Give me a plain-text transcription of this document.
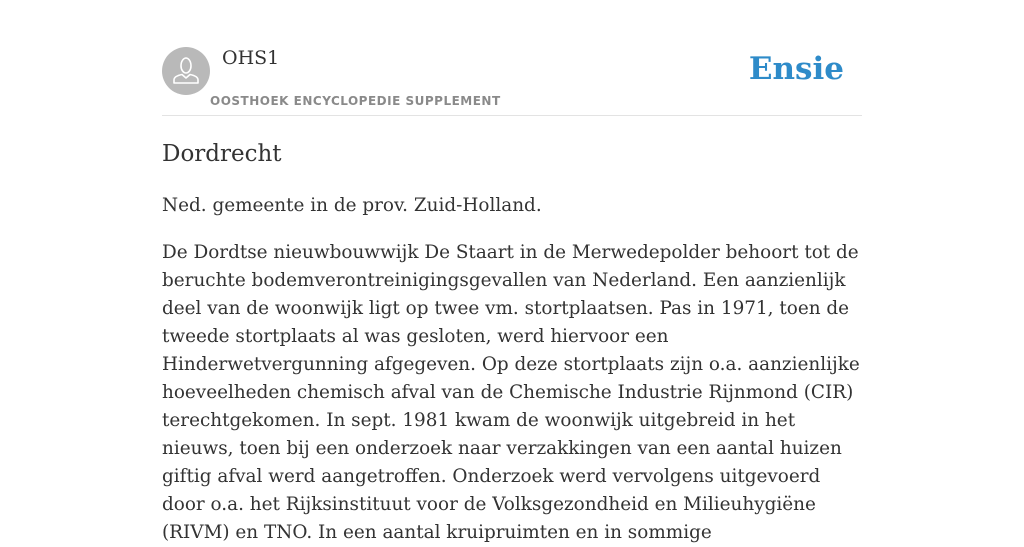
OHS1
OOSTHOEK ENCYCLOPEDIE SUPPLEMENT
Ensie
Dordrecht

Ned. gemeente in de prov. Zuid-Holland.

De Dordtse nieuwbouwwijk De Staart in de Merwedepolder behoort tot de beruchte bodemverontreinigingsgevallen van Nederland. Een aanzienlijk deel van de woonwijk ligt op twee vm. stortplaatsen. Pas in 1971, toen de tweede stortplaats al was gesloten, werd hiervoor een Hinderwetvergunning afgegeven. Op deze stortplaats zijn o.a. aanzienlijke hoeveelheden chemisch afval van de Chemische Industrie Rijnmond (CIR) terechtgekomen. In sept. 1981 kwam de woonwijk uitgebreid in het nieuws, toen bij een onderzoek naar verzakkingen van een aantal huizen giftig afval werd aangetroffen. Onderzoek werd vervolgens uitgevoerd door o.a. het Rijksinstituut voor de Volksgezondheid en Milieuhygiëne (RIVM) en TNO. In een aantal kruipruimten en in sommige
